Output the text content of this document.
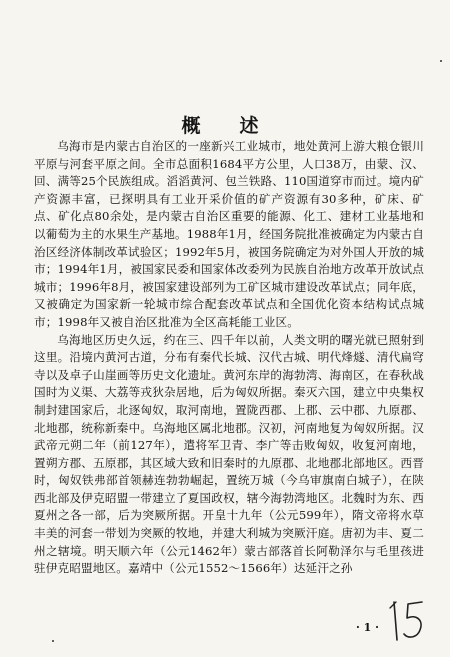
概　述

乌海市是内蒙古自治区的一座新兴工业城市，地处黄河上游大粮仓银川平原与河套平原之间。全市总面积1684平方公里，人口38万，由蒙、汉、回、满等25个民族组成。滔滔黄河、包兰铁路、110国道穿市而过。境内矿产资源丰富，已探明具有工业开采价值的矿产资源有30多种，矿床、矿点、矿化点80余处，是内蒙古自治区重要的能源、化工、建材工业基地和以葡萄为主的水果生产基地。1988年1月，经国务院批准被确定为内蒙古自治区经济体制改革试验区；1992年5月，被国务院确定为对外国人开放的城市；1994年1月，被国家民委和国家体改委列为民族自治地方改革开放试点城市；1996年8月，被国家建设部列为工矿区城市建设改革试点；同年底，又被确定为国家新一轮城市综合配套改革试点和全国优化资本结构试点城市；1998年又被自治区批准为全区高耗能工业区。

乌海地区历史久远，约在三、四千年以前，人类文明的曙光就已照射到这里。沿境内黄河古道，分布有秦代长城、汉代古城、明代烽燧、清代扁穹寺以及卓子山崖画等历史文化遗址。黄河东岸的海勃湾、海南区，在春秋战国时为义渠、大荔等戎狄杂居地，后为匈奴所据。秦灭六国，建立中央集权制封建国家后，北逐匈奴，取河南地，置陇西郡、上郡、云中郡、九原郡、北地郡，统称新秦中。乌海地区属北地郡。汉初，河南地复为匈奴所据。汉武帝元朔二年（前127年），遣将军卫青、李广等击败匈奴，收复河南地，置朔方郡、五原郡，其区域大致和旧秦时的九原郡、北地郡北部地区。西晋时，匈奴铁弗部首领赫连勃勃崛起，置统万城（今乌审旗南白城子），在陕西北部及伊克昭盟一带建立了夏国政权，辖今海勃湾地区。北魏时为东、西夏州之各一部，后为突厥所据。开皇十九年（公元599年），隋文帝将水草丰美的河套一带划为突厥的牧地，并建大利城为突厥汗庭。唐初为丰、夏二州之辖境。明天顺六年（公元1462年）蒙古部落首长阿勒泽尔与毛里孩进驻伊克昭盟地区。嘉靖中（公元1552～1566年）达延汗之孙

· 1 ·
